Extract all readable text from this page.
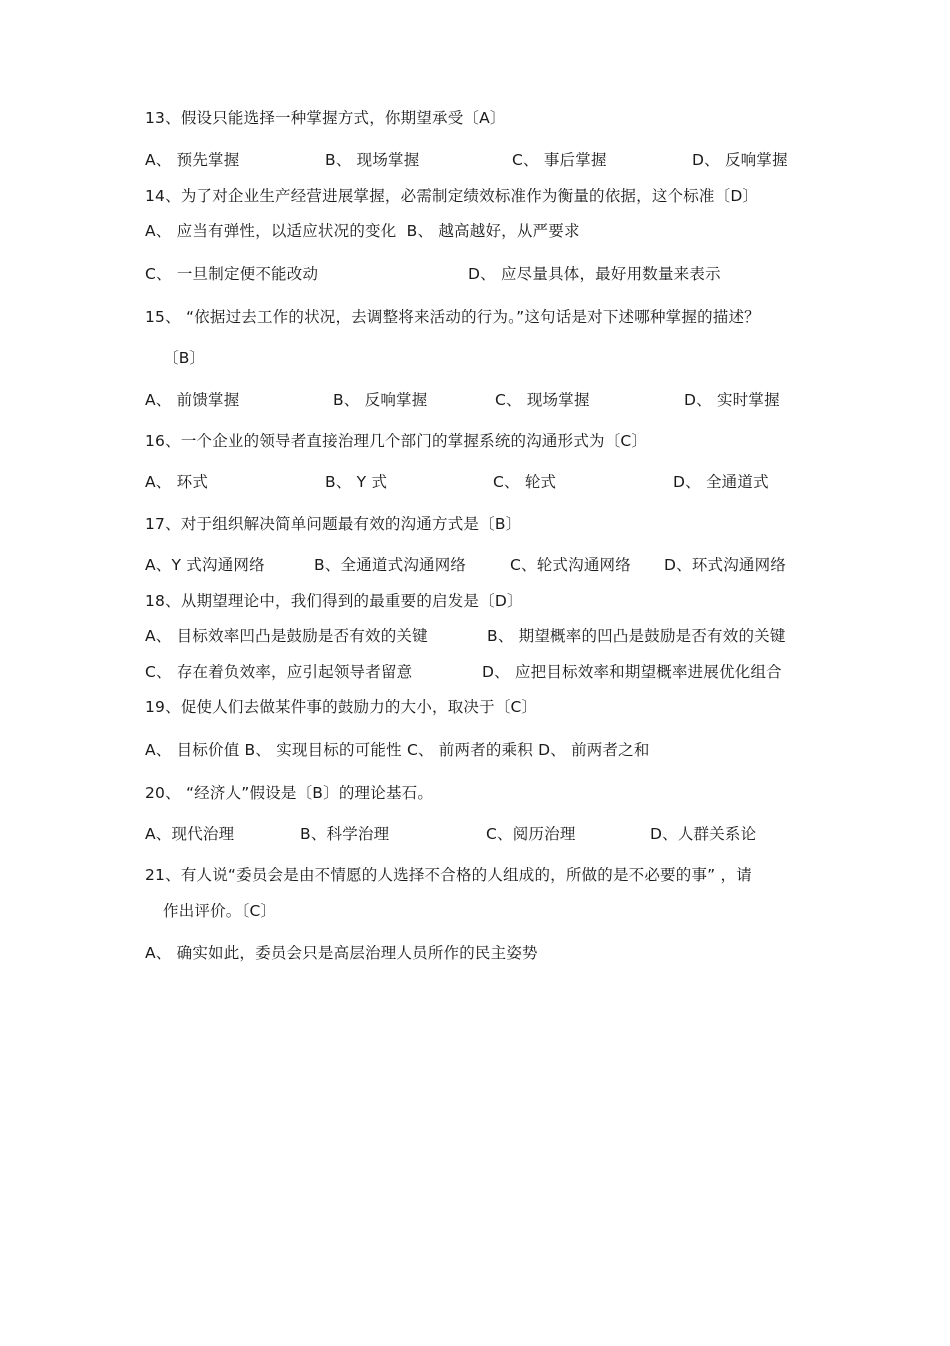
13、假设只能选择一种掌握方式，你期望承受〔A〕
A、 预先掌握	B、 现场掌握	C、 事后掌握	D、 反响掌握
14、为了对企业生产经营进展掌握，必需制定绩效标准作为衡量的依据，这个标准〔D〕
A、 应当有弹性，以适应状况的变化  B、 越高越好，从严要求
C、 一旦制定便不能改动	D、 应尽量具体，最好用数量来表示
15、 “依据过去工作的状况，去调整将来活动的行为。”这句话是对下述哪种掌握的描述？
〔B〕
A、 前馈掌握	B、 反响掌握	C、 现场掌握	D、 实时掌握
16、一个企业的领导者直接治理几个部门的掌握系统的沟通形式为〔C〕
A、 环式	B、 Y 式	C、 轮式	D、 全通道式
17、对于组织解决简单问题最有效的沟通方式是〔B〕
A、Y 式沟通网络	B、全通道式沟通网络	C、轮式沟通网络 D、环式沟通网络
18、从期望理论中，我们得到的最重要的启发是〔D〕
A、 目标效率凹凸是鼓励是否有效的关键	B、 期望概率的凹凸是鼓励是否有效的关键
C、 存在着负效率，应引起领导者留意	D、 应把目标效率和期望概率进展优化组合
19、促使人们去做某件事的鼓励力的大小，取决于〔C〕
A、 目标价值 B、 实现目标的可能性 C、 前两者的乘积 D、 前两者之和
20、 “经济人”假设是〔B〕的理论基石。
A、现代治理	B、科学治理	C、阅历治理	D、人群关系论
21、有人说“委员会是由不情愿的人选择不合格的人组成的，所做的是不必要的事” ，请
作出评价。〔C〕
A、 确实如此，委员会只是高层治理人员所作的民主姿势
